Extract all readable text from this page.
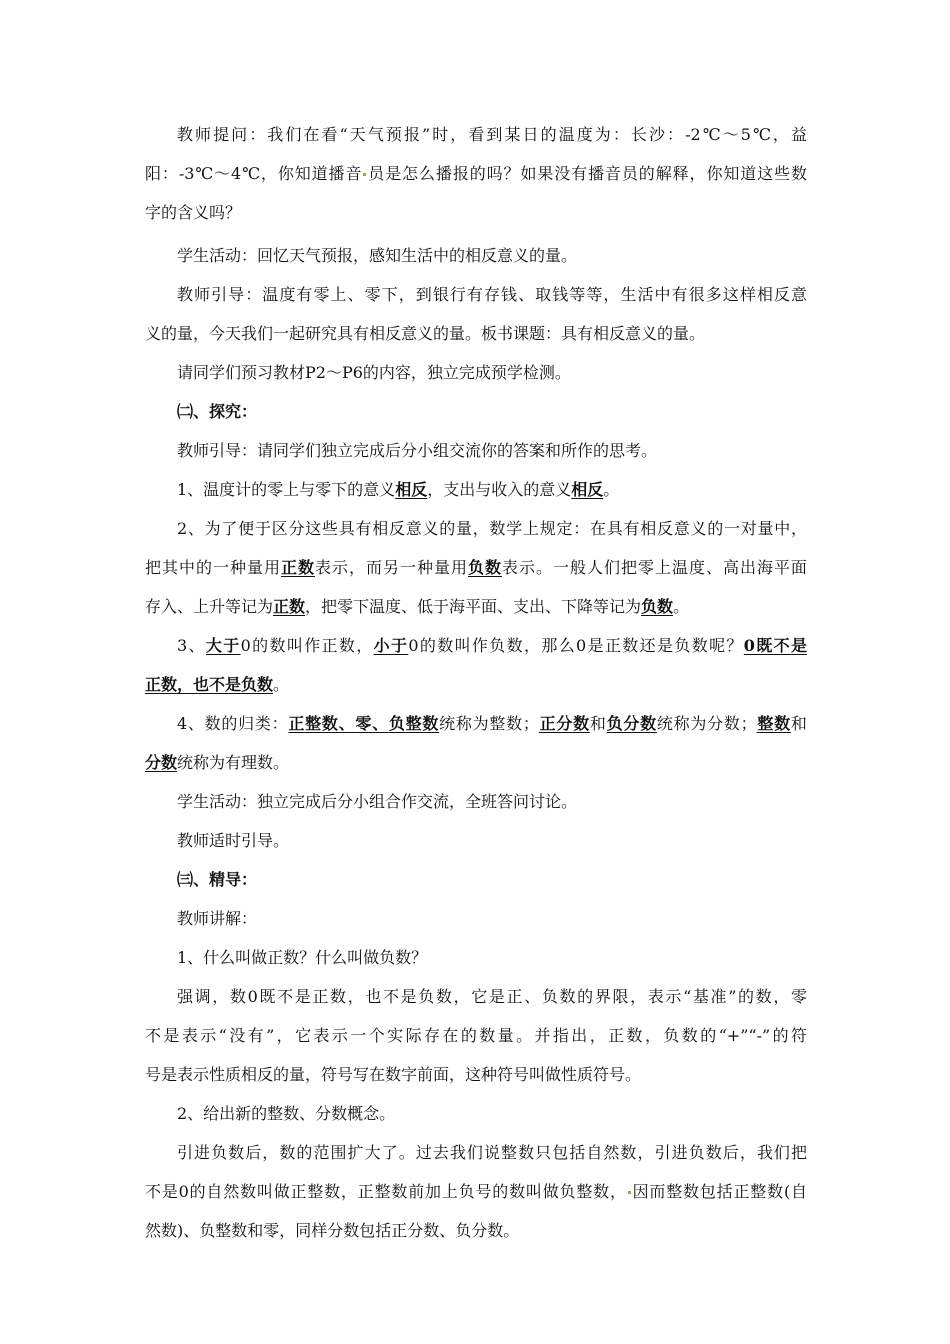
教师提问：我们在看“天气预报”时，看到某日的温度为：长沙：-2℃～5℃，益

阳：-3℃～4℃，你知道播音 员是怎么播报的吗？如果没有播音员的解释，你知道这些数

字的含义吗？

学生活动：回忆天气预报，感知生活中的相反意义的量。

教师引导：温度有零上、零下，到银行有存钱、取钱等等，生活中有很多这样相反意

义的量，今天我们一起研究具有相反意义的量。板书课题：具有相反意义的量。

请同学们预习教材P2～P6的内容，独立完成预学检测。

㈡、探究：

教师引导：请同学们独立完成后分小组交流你的答案和所作的思考。

1、温度计的零上与零下的意义相反，支出与收入的意义相反。

2、为了便于区分这些具有相反意义的量，数学上规定：在具有相反意义的一对量中，

把其中的一种量用正数表示，而另一种量用负数表示。一般人们把零上温度、高出海平面

存入、上升等记为正数，把零下温度、低于海平面、支出、下降等记为负数。

3、大于0的数叫作正数，小于0的数叫作负数，那么0是正数还是负数呢？0既不是

正数，也不是负数。

4、数的归类：正整数、零、负整数统称为整数；正分数和负分数统称为分数；整数和

分数统称为有理数。

学生活动：独立完成后分小组合作交流，全班答问讨论。

教师适时引导。

㈢、精导：

教师讲解：

1、什么叫做正数？什么叫做负数？

强调，数0既不是正数，也不是负数，它是正、负数的界限，表示“基准”的数，零

不是表示“没有”，它表示一个实际存在的数量。并指出，正数，负数的“+”“-”的符

号是表示性质相反的量，符号写在数字前面，这种符号叫做性质符号。

2、给出新的整数、分数概念。

引进负数后，数的范围扩大了。过去我们说整数只包括自然数，引进负数后，我们把

不是0的自然数叫做正整数，正整数前加上负号的数叫做负整数， 因而整数包括正整数(自

然数)、负整数和零，同样分数包括正分数、负分数。
